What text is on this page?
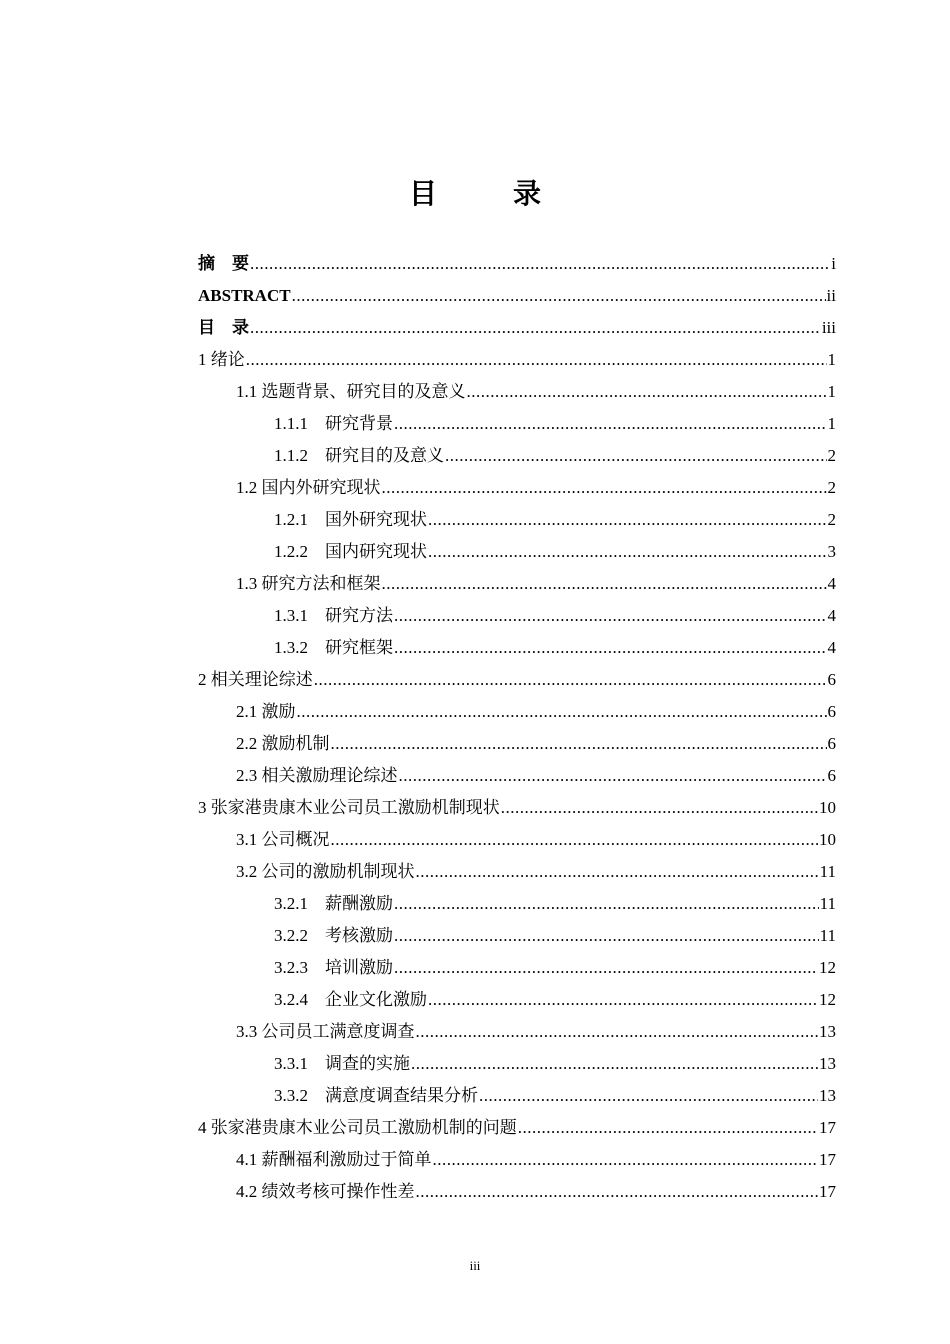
目　录
摘　要 .....	i
ABSTRACT .....	ii
目　录 .....	iii
1 绪论 .....	1
1.1 选题背景、研究目的及意义 .....	1
1.1.1　研究背景 .....	1
1.1.2　研究目的及意义 .....	2
1.2 国内外研究现状 .....	2
1.2.1　国外研究现状 .....	2
1.2.2　国内研究现状 .....	3
1.3 研究方法和框架 .....	4
1.3.1　研究方法 .....	4
1.3.2　研究框架 .....	4
2 相关理论综述 .....	6
2.1 激励 .....	6
2.2 激励机制 .....	6
2.3 相关激励理论综述 .....	6
3 张家港贵康木业公司员工激励机制现状 .....	10
3.1 公司概况 .....	10
3.2 公司的激励机制现状 .....	11
3.2.1　薪酬激励 .....	11
3.2.2　考核激励 .....	11
3.2.3　培训激励 .....	12
3.2.4　企业文化激励 .....	12
3.3 公司员工满意度调查 .....	13
3.3.1　调查的实施 .....	13
3.3.2　满意度调查结果分析 .....	13
4 张家港贵康木业公司员工激励机制的问题 .....	17
4.1 薪酬福利激励过于简单 .....	17
4.2 绩效考核可操作性差 .....	17
iii
